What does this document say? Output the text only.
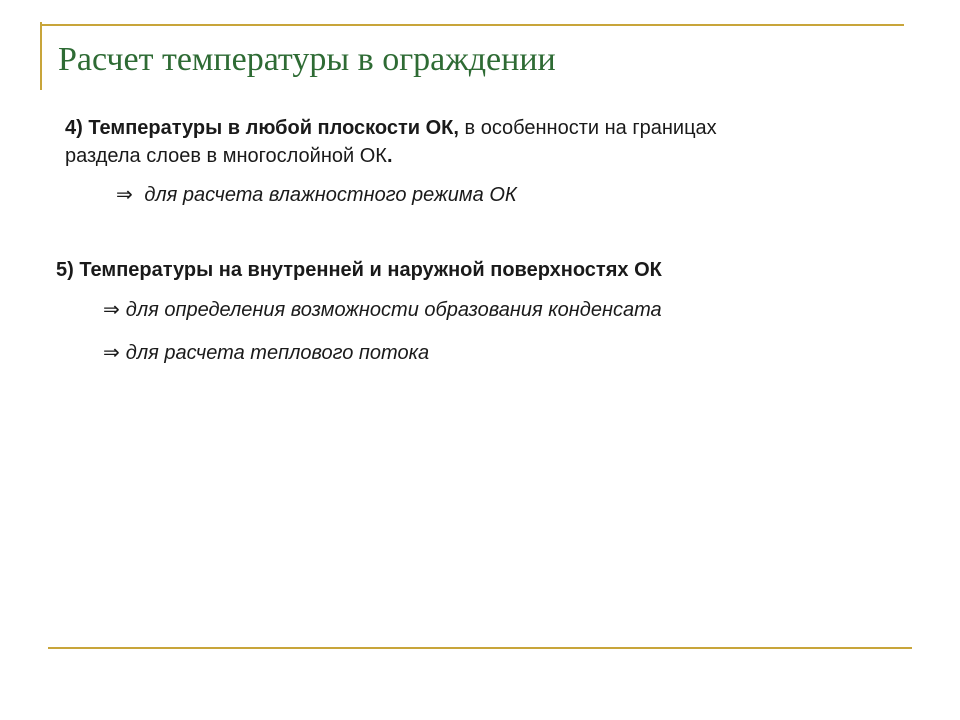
Расчет температуры в ограждении

4) Температуры в любой плоскости ОК, в особенности на границах раздела слоев в многослойной ОК.

⇒ для расчета влажностного режима ОК

5) Температуры на внутренней и наружной поверхностях ОК

⇒ для определения возможности образования конденсата

⇒ для расчета теплового потока
